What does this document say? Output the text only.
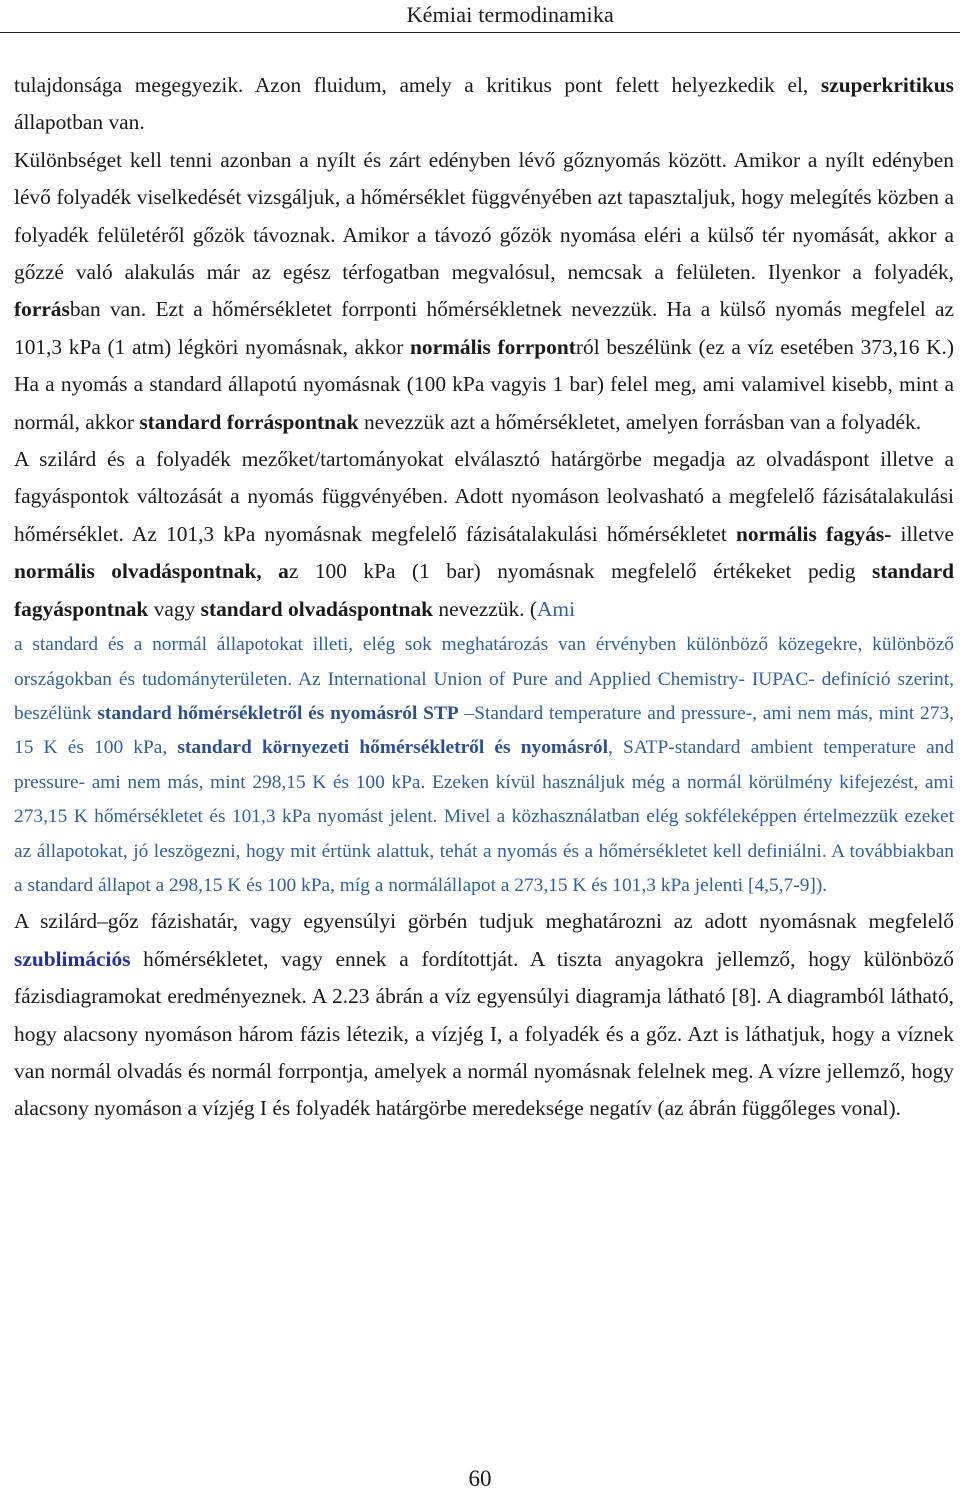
Kémiai termodinamika

tulajdonsága megegyezik. Azon fluidum, amely a kritikus pont felett helyezkedik el, szuperkritikus állapotban van.

Különbséget kell tenni azonban a nyílt és zárt edényben lévő gőznyomás között. Amikor a nyílt edényben lévő folyadék viselkedését vizsgáljuk, a hőmérséklet függvényében azt tapasztaljuk, hogy melegítés közben a folyadék felületéről gőzök távoznak. Amikor a távozó gőzök nyomása eléri a külső tér nyomását, akkor a gőzzé való alakulás már az egész térfogatban megvalósul, nemcsak a felületen. Ilyenkor a folyadék, forrásban van. Ezt a hőmérsékletet forrponti hőmérsékletnek nevezzük. Ha a külső nyomás megfelel az 101,3 kPa (1 atm) légköri nyomásnak, akkor normális forrpontról beszélünk (ez a víz esetében 373,16 K.) Ha a nyomás a standard állapotú nyomásnak (100 kPa vagyis 1 bar) felel meg, ami valamivel kisebb, mint a normál, akkor standard forráspontnak nevezzük azt a hőmérsékletet, amelyen forrásban van a folyadék.

A szilárd és a folyadék mezőket/tartományokat elválasztó határgörbe megadja az olvadáspont illetve a fagyáspontok változását a nyomás függvényében. Adott nyomáson leolvasható a megfelelő fázisátalakulási hőmérséklet. Az 101,3 kPa nyomásnak megfelelő fázisátalakulási hőmérsékletet normális fagyás- illetve normális olvadáspontnak, az 100 kPa (1 bar) nyomásnak megfelelő értékeket pedig standard fagyáspontnak vagy standard olvadáspontnak nevezzük. (Ami

a standard és a normál állapotokat illeti, elég sok meghatározás van érvényben különböző közegekre, különböző országokban és tudományterületen. Az International Union of Pure and Applied Chemistry- IUPAC- definíció szerint, beszélünk standard hőmérsékletről és nyomásról STP –Standard temperature and pressure-, ami nem más, mint 273, 15 K és 100 kPa, standard környezeti hőmérsékletről és nyomásról, SATP-standard ambient temperature and pressure- ami nem más, mint 298,15 K és 100 kPa. Ezeken kívül használjuk még a normál körülmény kifejezést, ami 273,15 K hőmérsékletet és 101,3 kPa nyomást jelent. Mivel a közhasználatban elég sokféleképpen értelmezzük ezeket az állapotokat, jó leszögezni, hogy mit értünk alattuk, tehát a nyomás és a hőmérsékletet kell definiálni. A továbbiakban a standard állapot a 298,15 K és 100 kPa, míg a normálállapot a 273,15 K és 101,3 kPa jelenti [4,5,7-9]).

A szilárd–gőz fázishatár, vagy egyensúlyi görbén tudjuk meghatározni az adott nyomásnak megfelelő szublimációs hőmérsékletet, vagy ennek a fordítottját. A tiszta anyagokra jellemző, hogy különböző fázisdiagramokat eredményeznek. A 2.23 ábrán a víz egyensúlyi diagramja látható [8]. A diagramból látható, hogy alacsony nyomáson három fázis létezik, a vízjég I, a folyadék és a gőz. Azt is láthatjuk, hogy a víznek van normál olvadás és normál forrpontja, amelyek a normál nyomásnak felelnek meg. A vízre jellemző, hogy alacsony nyomáson a vízjég I és folyadék határgörbe meredeksége negatív (az ábrán függőleges vonal).

60
